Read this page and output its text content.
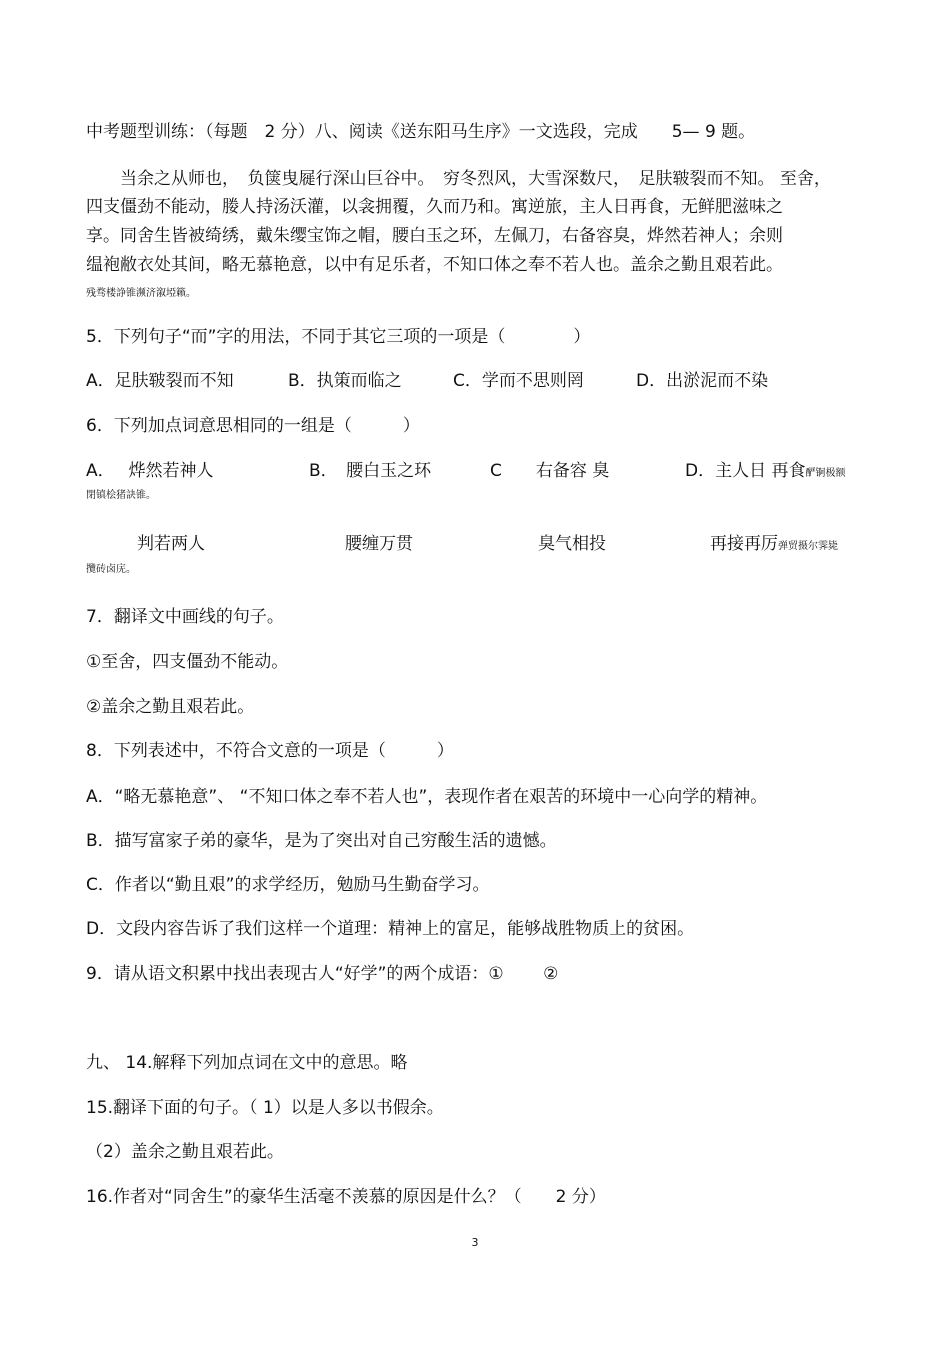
中考题型训练：（每题　2 分）八、阅读《送东阳马生序》一文选段，完成　　5— 9 题。
　　当余之从师也，　负箧曳屣行深山巨谷中。　穷冬烈风，大雪深数尺，　足肤皲裂而不知。 至舍，
四支僵劲不能动，媵人持汤沃灌，以衾拥覆，久而乃和。寓逆旅，主人日再食，无鲜肥滋味之
享。同舍生皆被绮绣，戴朱缨宝饰之帽，腰白玉之环，左佩刀，右备容臭，烨然若神人；余则
缊袍敝衣处其间，略无慕艳意，以中有足乐者，不知口体之奉不若人也。盖余之勤且艰若此。
残骛楼諍锥濒济溆埡籟。
5．下列句子“而”字的用法，不同于其它三项的一项是（　　　　）
A．足肤皲裂而不知	B．执策而临之	C．学而不思则罔	D．出淤泥而不染
6．下列加点词意思相同的一组是（　　　）
A．　 烨然若神人	B．　腰白玉之环	C　　右备容 臭	D．主人日 再食酽锕极额
閉镇桧猪訣锥。
判若两人	腰缠万贯	臭气相投	再接再厉弹贸摄尔霁毙
攬砖卤庑。
7．翻译文中画线的句子。
①至舍，四支僵劲不能动。
②盖余之勤且艰若此。
8．下列表述中，不符合文意的一项是（　　　）
A．“略无慕艳意”、 “不知口体之奉不若人也”，表现作者在艰苦的环境中一心向学的精神。
B．描写富家子弟的豪华，是为了突出对自己穷酸生活的遗憾。
C．作者以“勤且艰”的求学经历，勉励马生勤奋学习。
D．文段内容告诉了我们这样一个道理：精神上的富足，能够战胜物质上的贫困。
9．请从语文积累中找出表现古人“好学”的两个成语：①　　 ②
九、 14.解释下列加点词在文中的意思。略
15.翻译下面的句子。（ 1）以是人多以书假余。
（2）盖余之勤且艰若此。
16.作者对“同舍生”的豪华生活毫不羡慕的原因是什么？（　　2 分）
3
